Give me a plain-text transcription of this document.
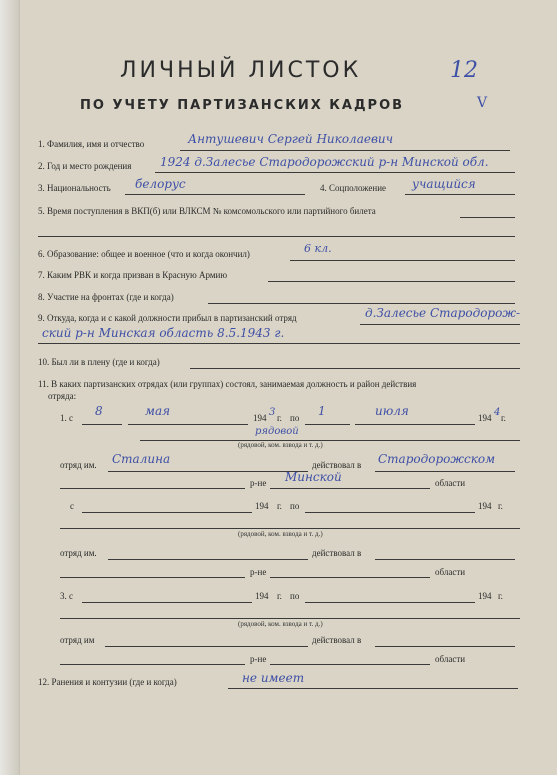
ЛИЧНЫЙ ЛИСТОК	12
ПО УЧЕТУ ПАРТИЗАНСКИХ КАДРОВ	V
1. Фамилия, имя и отчество	Антушевич Сергей Николаевич
2. Год и место рождения 1924 д.Залесье Стародорожский р-н Минской обл.
3. Национальность белорус	4. Соцположение учащийся
5. Время поступления в ВКП(б) или ВЛКСМ № комсомольского или партийного билета
6. Образование: общее и военное (что и когда окончил)	6 кл.
7. Каким РВК и когда призван в Красную Армию
8. Участие на фронтах (где и когда)
9. Откуда, когда и с какой должности прибыл в партизанский отряд	д.Залесье Стародорож-
ский р-н Минская область 8.5.1943 г.
10. Был ли в плену (где и когда)
11. В каких партизанских отрядах (или группах) состоял, занимаемая должность и район действия
отряда:
1. с 8	мая	194 3 г. по 1	июля	194 4 г.
рядовой
(рядовой, ком. взвода и т. д.)
отряд им. Сталина	действовал в Стародорожском
р-не Минской	области
с	194 г. по	194 г.
(рядовой, ком. взвода и т. д.)
отряд им.	действовал в
р-не	области
3. с	194 г. по	194 г.
(рядовой, ком. взвода и т. д.)
отряд им	действовал в
р-не	области
12. Ранения и контузии (где и когда)	не имеет
